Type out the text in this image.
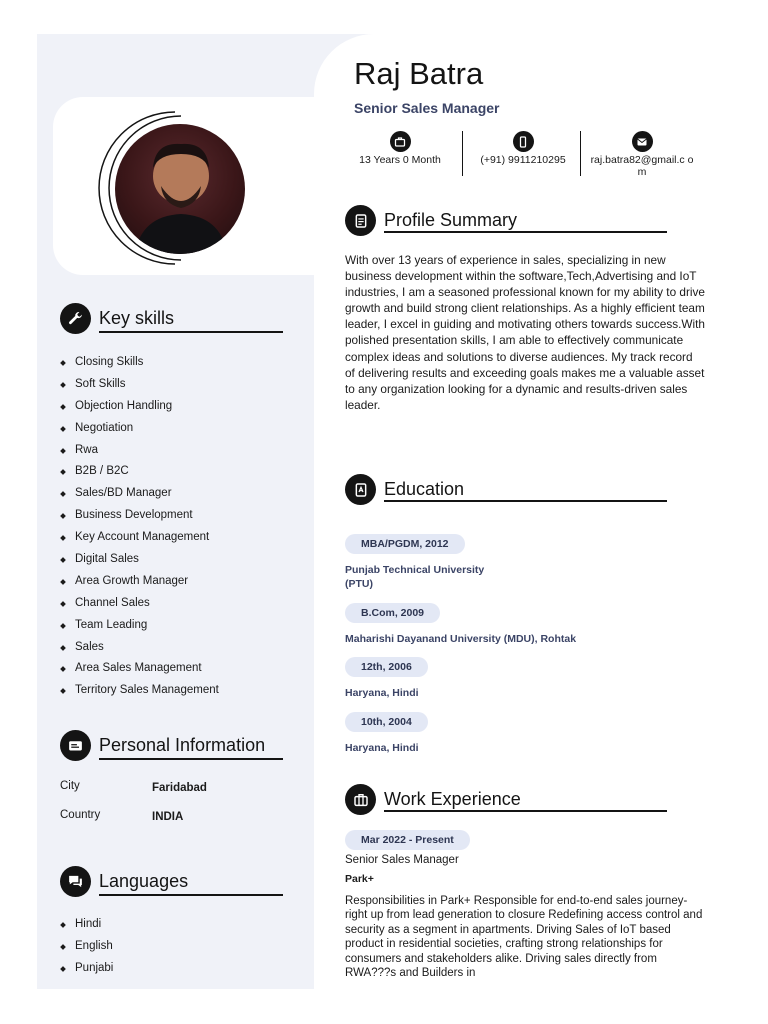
Key skills
Closing Skills
Soft Skills
Objection Handling
Negotiation
Rwa
B2B / B2C
Sales/BD Manager
Business Development
Key Account Management
Digital Sales
Area Growth Manager
Channel Sales
Team Leading
Sales
Area Sales Management
Territory Sales Management
Personal Information
City	Faridabad
Country	INDIA
Languages
Hindi
English
Punjabi
Raj Batra
Senior Sales Manager
13 Years 0 Month	(+91) 9911210295	raj.batra82@gmail.c om
Profile Summary
With over 13 years of experience in sales, specializing in new business development within the software,Tech,Advertising and IoT industries, I am a seasoned professional known for my ability to drive growth and build strong client relationships. As a highly efficient team leader, I excel in guiding and motivating others towards success.With polished presentation skills, I am able to effectively communicate complex ideas and solutions to diverse audiences. My track record of delivering results and exceeding goals makes me a valuable asset to any organization looking for a dynamic and results-driven sales leader.
Education
MBA/PGDM, 2012
Punjab Technical University (PTU)
B.Com, 2009
Maharishi Dayanand University (MDU), Rohtak
12th, 2006
Haryana, Hindi
10th, 2004
Haryana, Hindi
Work Experience
Mar 2022 - Present
Senior Sales Manager
Park+
Responsibilities in Park+ Responsible for end-to-end sales journey- right up from lead generation to closure Redefining access control and security as a segment in apartments. Driving Sales of IoT based product in residential societies, crafting strong relationships for consumers and stakeholders alike. Driving sales directly from RWA???s and Builders in
